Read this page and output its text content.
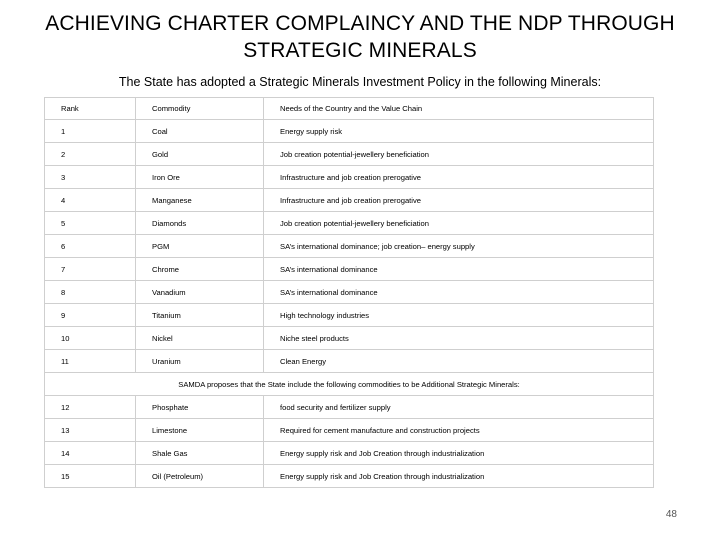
ACHIEVING CHARTER COMPLAINCY AND THE NDP THROUGH STRATEGIC MINERALS
The State has adopted a Strategic Minerals Investment Policy in the following Minerals:
Rank	Commodity	Needs of the Country and the Value Chain
1	Coal	Energy supply risk
2	Gold	Job creation potential-jewellery beneficiation
3	Iron Ore	Infrastructure and job creation prerogative
4	Manganese	Infrastructure and job creation prerogative
5	Diamonds	Job creation potential-jewellery beneficiation
6	PGM	SA’s international dominance; job creation– energy supply
7	Chrome	SA’s international dominance
8	Vanadium	SA’s international dominance
9	Titanium	High technology industries
10	Nickel	Niche steel products
11	Uranium	Clean Energy
SAMDA proposes that the State include the following commodities to be Additional Strategic Minerals:		
12	Phosphate	food security and fertilizer supply
13	Limestone	Required for cement manufacture and construction projects
14	Shale Gas	Energy supply risk and Job Creation through industrialization
15	Oil (Petroleum)	Energy supply risk and Job Creation through industrialization
48
